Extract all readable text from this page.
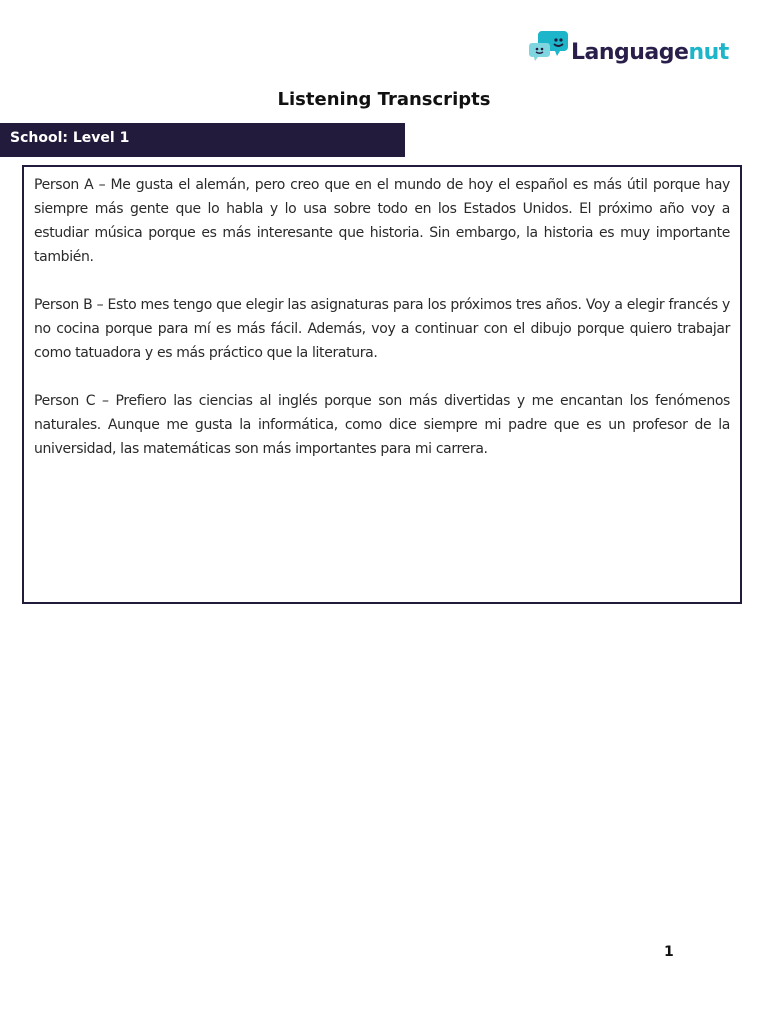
Languagenut
Listening Transcripts
School: Level 1

Person A – Me gusta el alemán, pero creo que en el mundo de hoy el español es más útil porque hay siempre más gente que lo habla y lo usa sobre todo en los Estados Unidos. El próximo año voy a estudiar música porque es más interesante que historia. Sin embargo, la historia es muy importante también.

Person B – Esto mes tengo que elegir las asignaturas para los próximos tres años. Voy a elegir francés y no cocina porque para mí es más fácil. Además, voy a continuar con el dibujo porque quiero trabajar como tatuadora y es más práctico que la literatura.

Person C – Prefiero las ciencias al inglés porque son más divertidas y me encantan los fenómenos naturales. Aunque me gusta la informática, como dice siempre mi padre que es un profesor de la universidad, las matemáticas son más importantes para mi carrera.

1
